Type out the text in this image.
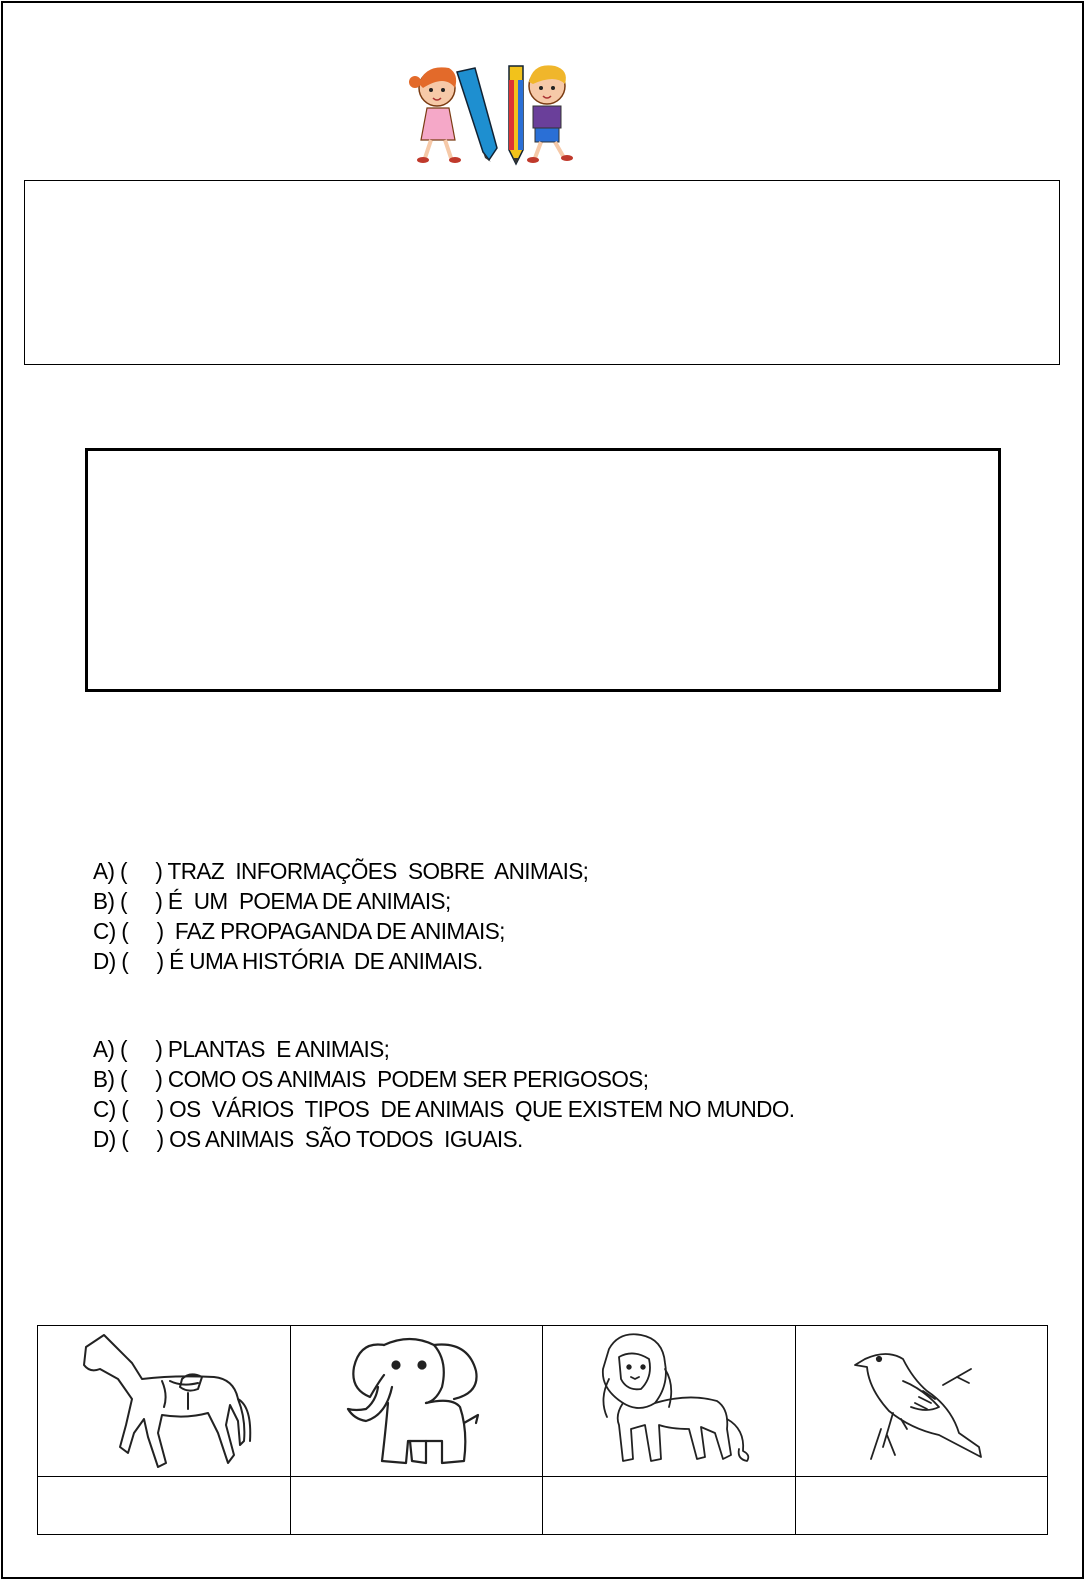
A) (     ) TRAZ  INFORMAÇÕES  SOBRE  ANIMAIS;
B) (     ) É  UM  POEMA DE ANIMAIS;
C) (     )  FAZ PROPAGANDA DE ANIMAIS;
D) (     ) É UMA HISTÓRIA  DE ANIMAIS.
A) (     ) PLANTAS  E ANIMAIS;
B) (     ) COMO OS ANIMAIS  PODEM SER PERIGOSOS;
C) (     ) OS  VÁRIOS  TIPOS  DE ANIMAIS  QUE EXISTEM NO MUNDO.
D) (     ) OS ANIMAIS  SÃO TODOS  IGUAIS.
